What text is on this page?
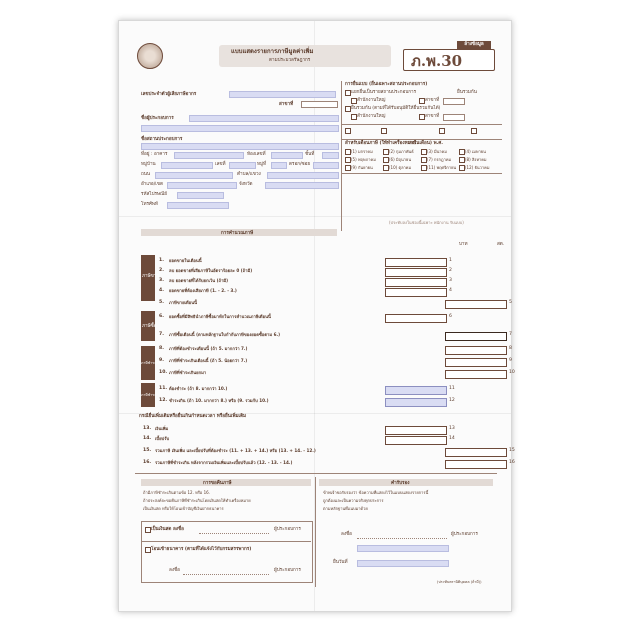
แบบแสดงรายการภาษีมูลค่าเพิ่ม
ตามประมวลรัษฎากร
ล้างข้อมูล
ภ.พ.30
เลขประจำตัวผู้เสียภาษีอากร
สาขาที่
ชื่อผู้ประกอบการ
ชื่อสถานประกอบการ
ที่อยู่ : อาคาร	ห้องเลขที่	ชั้นที่
หมู่บ้าน	เลขที่	หมู่ที่	ตรอก/ซอย
ถนน	ตำบล/แขวง
อำเภอ/เขต	จังหวัด
รหัสไปรษณีย์
โทรศัพท์
การยื่นแบบ (ยื่นเฉพาะสถานประกอบการ)
แยกยื่นเป็นรายสถานประกอบการ	ยื่นรวมกัน
สำนักงานใหญ่	สาขาที่
ยื่นรวมกัน (ตามที่ได้รับอนุมัติให้ยื่นรวมกันได้)
สำนักงานใหญ่	สาขาที่
สำหรับเดือนภาษี (ให้ทำเครื่องหมาย
ลงในเดือน) พ.ศ.
(1) มกราคม	(2) กุมภาพันธ์	(3) มีนาคม	(4) เมษายน
(5) พฤษภาคม	(6) มิถุนายน	(7) กรกฎาคม	(8) สิงหาคม
(9) กันยายน	(10) ตุลาคม	(11) พฤศจิกายน (12) ธันวาคม
(ประทับลงในช่องนี้เฉพาะ พนักงาน รับแบบ)
การคำนวณภาษี
บาท	สต.
ภาษีขาย
ภาษีซื้อ
ภาษีชำระเพิ่ม
ภาษีชำระ
1. ยอดขายในเดือนนี้	1
2. ลบ ยอดขายที่เสียภาษีในอัตราร้อยละ 0 (ถ้ามี)	2
3. ลบ ยอดขายที่ได้รับยกเว้น (ถ้ามี)	3
4. ยอดขายที่ต้องเสียภาษี (1. - 2. - 3.)	4
5. ภาษีขายเดือนนี้	5
6. ยอดซื้อที่มีสิทธินำภาษีซื้อมาหักในการคำนวณภาษีเดือนนี้	6
7. ภาษีซื้อเดือนนี้ (ตามหลักฐานใบกำกับภาษีของยอดซื้อตาม 6.)	7
8. ภาษีที่ต้องชำระเดือนนี้ (ถ้า 5. มากกว่า 7.)	8
9. ภาษีที่ชำระเกินเดือนนี้ (ถ้า 5. น้อยกว่า 7.)	9
10. ภาษีที่ชำระเกินยกมา	10
11. ต้องชำระ (ถ้า 8. มากกว่า 10.)	11
12. ชำระเกิน (ถ้า 10. มากกว่า 8.) หรือ (9. รวมกับ 10.)	12
กรณียื่นเพิ่มเติมหรือยื่นเกินกำหนดเวลา หรือยื่นเพิ่มเติม
13. เงินเพิ่ม	13
14. เบี้ยปรับ	14
15. รวมภาษี เงินเพิ่ม และเบี้ยปรับที่ต้องชำระ (11. + 13. + 14.) หรือ (13. + 14. - 12.)	15
16. รวมภาษีที่ชำระเกิน หลังจากรวมเงินเพิ่มและเบี้ยปรับแล้ว (12. - 13. - 14.)	16
การขอคืนภาษี	คำรับรอง
ถ้ามีภาษีชำระเกินตามข้อ 12. หรือ 16.
ถ้าประสงค์จะขอคืนภาษีที่ชำระเกินโดยเงินสดให้ทำเครื่องหมาย
เป็นเงินสด หรือให้โอนเข้าบัญชีเงินฝากธนาคาร
เป็นเงินสด ลงชื่อ	ผู้ประกอบการ
โอนเข้าธนาคาร (ตามที่ได้แจ้งไว้กับกรมสรรพากร)
ลงชื่อ	ผู้ประกอบการ
ข้าพเจ้าขอรับรองว่า ข้อความที่แสดงไว้ในแบบแสดงรายการนี้
ถูกต้องและเป็นความจริงทุกประการ
ตามหลักฐานที่แนบมาด้วย
ลงชื่อ	ผู้ประกอบการ
ยื่นวันที่
(ประทับตรานิติบุคคล (ถ้ามี))
